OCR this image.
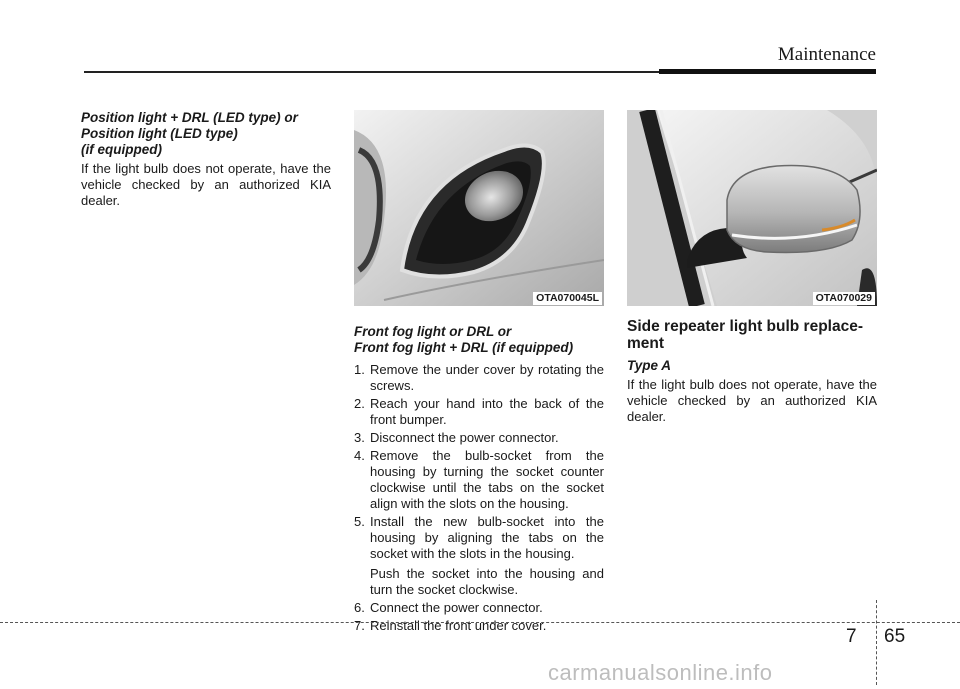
Maintenance

Position light + DRL (LED type) or
Position light (LED type)
(if equipped)

If the light bulb does not operate, have the vehicle checked by an authorized KIA dealer.

OTA070045L

Front fog light or DRL or
Front fog light + DRL (if equipped)

1. Remove the under cover by rotating the screws.
2. Reach your hand into the back of the front bumper.
3. Disconnect the power connector.
4. Remove the bulb-socket from the housing by turning the socket counter clockwise until the tabs on the socket align with the slots on the housing.
5. Install the new bulb-socket into the housing by aligning the tabs on the socket with the slots in the housing.

Push the socket into the housing and turn the socket clockwise.

6. Connect the power connector.
7. Reinstall the front under cover.
OTA070029
Side repeater light bulb replace-
ment

Type A

If the light bulb does not operate, have the vehicle checked by an authorized KIA dealer.

7 65
carmanualsonline.info
